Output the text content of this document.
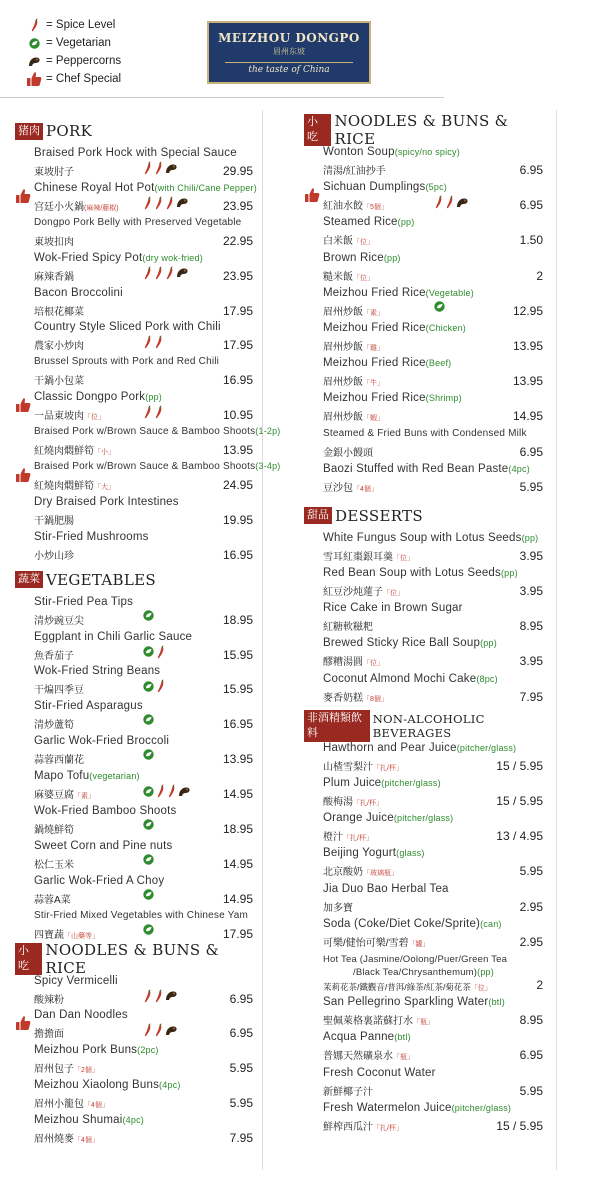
= Spice Level
= Vegetarian
= Peppercorns
= Chef Special
MEIZHOU DONGPO
眉州东坡
the taste of China
猪肉 PORK
Braised Pork Hock with Special Sauce
東坡肘子	29.95
Chinese Royal Hot Pot(with Chili/Cane Pepper)
宫廷小火鍋(麻辣/藤椒)	23.95
Dongpo Pork Belly with Preserved Vegetable
東坡扣肉	22.95
Wok-Fried Spicy Pot(dry wok-fried)
麻辣香鍋	23.95
Bacon Broccolini
培根花椰菜	17.95
Country Style Sliced Pork with Chili
農家小炒肉	17.95
Brussel Sprouts with Pork and Red Chili
干鍋小包菜	16.95
Classic Dongpo Pork(pp)
一品東坡肉「位」	10.95
Braised Pork w/Brown Sauce & Bamboo Shoots(1-2p)
紅燒肉燜鮮筍「小」	13.95
Braised Pork w/Brown Sauce & Bamboo Shoots(3-4p)
紅燒肉燜鮮筍「大」	24.95
Dry Braised Pork Intestines
干鍋肥腸	19.95
Stir-Fried Mushrooms
小炒山珍	16.95
蔬菜 VEGETABLES
Stir-Fried Pea Tips
清炒豌豆尖	18.95
Eggplant in Chili Garlic Sauce
魚香茄子	15.95
Wok-Fried String Beans
干煸四季豆	15.95
Stir-Fried Asparagus
清炒蘆筍	16.95
Garlic Wok-Fried Broccoli
蒜蓉西蘭花	13.95
Mapo Tofu(vegetarian)
麻婆豆腐「素」	14.95
Wok-Fried Bamboo Shoots
鍋燒鮮筍	18.95
Sweet Corn and Pine nuts
松仁玉米	14.95
Garlic Wok-Fried A Choy
蒜蓉A菜	14.95
Stir-Fried Mixed Vegetables with Chinese Yam
四寶蔬「山藥等」	17.95
小吃
NOODLES & BUNS & RICE
Spicy Vermicelli
酸辣粉	6.95
Dan Dan Noodles
擔擔面	6.95
Meizhou Pork Buns(2pc)
眉州包子「2個」	5.95
Meizhou Xiaolong Buns(4pc)
眉州小籠包「4個」	5.95
Meizhou Shumai(4pc)
眉州燒麥「4個」	7.95
小吃
NOODLES & BUNS & RICE
Wonton Soup(spicy/no spicy)
清湯/紅油抄手	6.95
Sichuan Dumplings(5pc)
紅油水餃「5個」	6.95
Steamed Rice(pp)
白米飯「位」	1.50
Brown Rice(pp)
糙米飯「位」	2
Meizhou Fried Rice(Vegetable)
眉州炒飯「素」	12.95
Meizhou Fried Rice(Chicken)
眉州炒飯「雞」	13.95
Meizhou Fried Rice(Beef)
眉州炒飯「牛」	13.95
Meizhou Fried Rice(Shrimp)
眉州炒飯「蝦」	14.95
Steamed & Fried Buns with Condensed Milk
金銀小饅頭	6.95
Baozi Stuffed with Red Bean Paste(4pc)
豆沙包「4個」	5.95
甜品 DESSERTS
White Fungus Soup with Lotus Seeds(pp)
雪耳紅棗銀耳羹「位」	3.95
Red Bean Soup with Lotus Seeds(pp)
紅豆沙炖蓮子「位」	3.95
Rice Cake in Brown Sugar
紅糖軟糍粑	8.95
Brewed Sticky Rice Ball Soup(pp)
醪糟湯圓「位」	3.95
Coconut Almond Mochi Cake(8pc)
麥香奶糕「8個」	7.95
非酒精類飲料
NON-ALCOHOLIC BEVERAGES
Hawthorn and Pear Juice(pitcher/glass)
山楂雪梨汁「扎/杯」	15 / 5.95
Plum Juice(pitcher/glass)
酸梅湯「扎/杯」	15 / 5.95
Orange Juice(pitcher/glass)
橙汁「扎/杯」	13 / 4.95
Beijing Yogurt(glass)
北京酸奶「玻璃瓶」	5.95
Jia Duo Bao Herbal Tea
加多寶	2.95
Soda (Coke/Diet Coke/Sprite)(can)
可樂/健怡可樂/雪碧「罐」	2.95
Hot Tea (Jasmine/Oolong/Puer/Green Tea
/Black Tea/Chrysanthemum)(pp)
茉莉花茶/鐵觀音/普洱/綠茶/紅茶/菊花茶「位」	2
San Pellegrino Sparkling Water(btl)
聖佩萊格裏諾蘇打水「瓶」	8.95
Acqua Panne(btl)
普娜天然礦泉水「瓶」	6.95
Fresh Coconut Water
新鮮椰子汁	5.95
Fresh Watermelon Juice(pitcher/glass)
鮮榨西瓜汁「扎/杯」	15 / 5.95
